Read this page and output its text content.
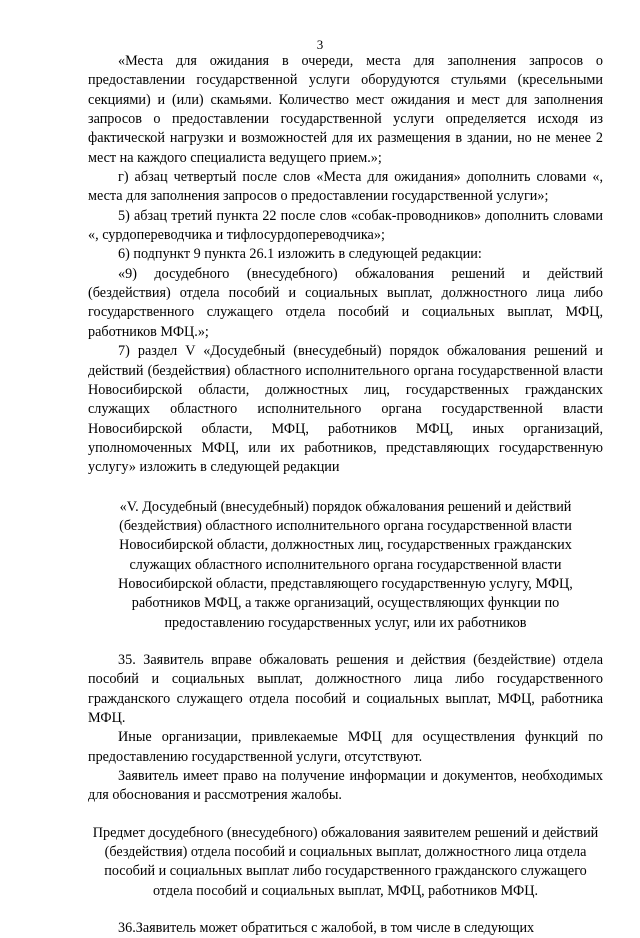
3

«Места для ожидания в очереди, места для заполнения запросов о предоставлении государственной услуги оборудуются стульями (кресельными секциями) и (или) скамьями. Количество мест ожидания и мест для заполнения запросов о предоставлении государственной услуги определяется исходя из фактической нагрузки и возможностей для их размещения в здании, но не менее 2 мест на каждого специалиста ведущего прием.»;

г) абзац четвертый после слов «Места для ожидания» дополнить словами «, места для заполнения запросов о предоставлении государственной услуги»;

5) абзац третий пункта 22 после слов «собак-проводников» дополнить словами «, сурдопереводчика и тифлосурдопереводчика»;

6) подпункт 9 пункта 26.1 изложить в следующей редакции:

«9) досудебного (внесудебного) обжалования решений и действий (бездействия) отдела пособий и социальных выплат, должностного лица либо государственного служащего отдела пособий и социальных выплат, МФЦ, работников МФЦ.»;

7) раздел V «Досудебный (внесудебный) порядок обжалования решений и действий (бездействия) областного исполнительного органа государственной власти Новосибирской области, должностных лиц, государственных гражданских служащих областного исполнительного органа государственной власти Новосибирской области, МФЦ, работников МФЦ, иных организаций, уполномоченных МФЦ, или их работников, представляющих государственную услугу» изложить в следующей редакции

«V. Досудебный (внесудебный) порядок обжалования решений и действий (бездействия) областного исполнительного органа государственной власти Новосибирской области, должностных лиц, государственных гражданских служащих областного исполнительного органа государственной власти Новосибирской области, представляющего государственную услугу, МФЦ, работников МФЦ, а также организаций, осуществляющих функции по предоставлению государственных услуг, или их работников

35. Заявитель вправе обжаловать решения и действия (бездействие) отдела пособий и социальных выплат, должностного лица либо государственного гражданского служащего отдела пособий и социальных выплат, МФЦ, работника МФЦ.

Иные организации, привлекаемые МФЦ для осуществления функций по предоставлению государственной услуги, отсутствуют.

Заявитель имеет право на получение информации и документов, необходимых для обоснования и рассмотрения жалобы.

Предмет досудебного (внесудебного) обжалования заявителем решений и действий (бездействия) отдела пособий и социальных выплат, должностного лица отдела пособий и социальных выплат либо государственного гражданского служащего отдела пособий и социальных выплат, МФЦ, работников МФЦ.

36.Заявитель может обратиться с жалобой, в том числе в следующих
